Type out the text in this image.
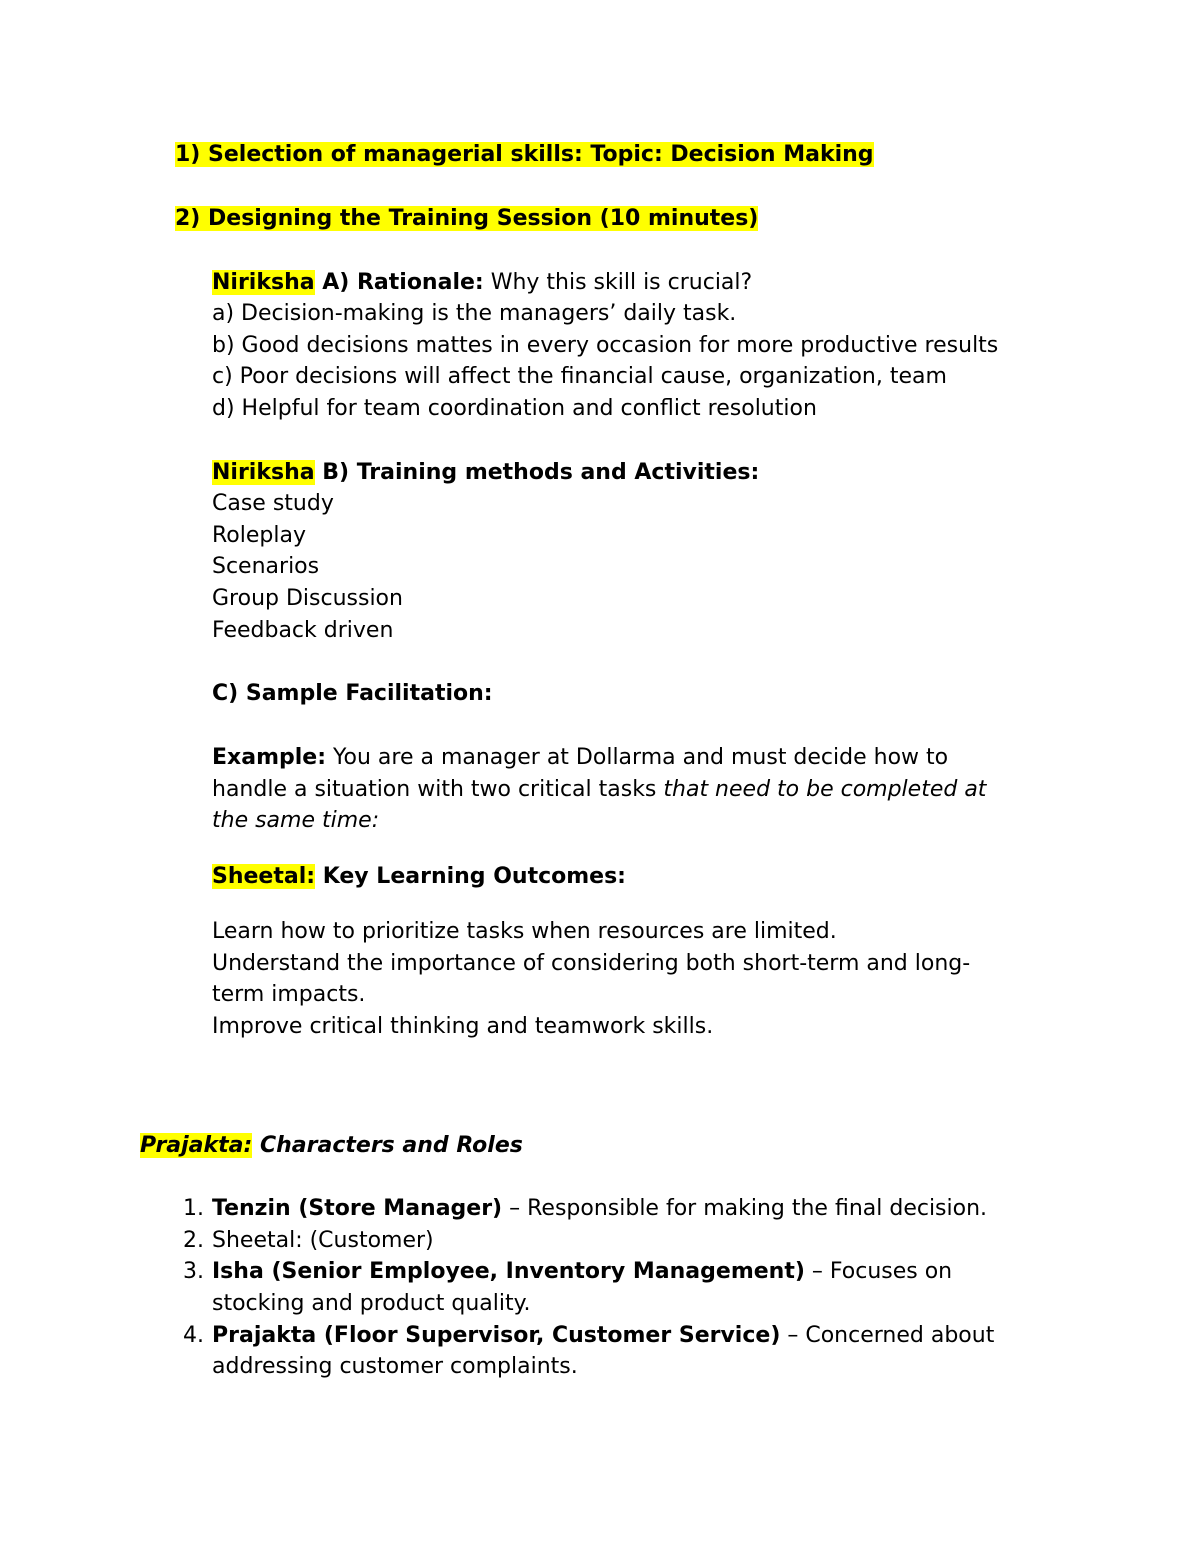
1) Selection of managerial skills: Topic: Decision Making
2) Designing the Training Session (10 minutes)
Niriksha A) Rationale: Why this skill is crucial?
a) Decision-making is the managers’ daily task.
b) Good decisions mattes in every occasion for more productive results
c) Poor decisions will affect the financial cause, organization, team
d) Helpful for team coordination and conflict resolution
Niriksha B) Training methods and Activities:
Case study
Roleplay
Scenarios
Group Discussion
Feedback driven
C) Sample Facilitation:
Example: You are a manager at Dollarma and must decide how to
handle a situation with two critical tasks that need to be completed at
the same time:
Sheetal: Key Learning Outcomes:
Learn how to prioritize tasks when resources are limited.
Understand the importance of considering both short-term and long-
term impacts.
Improve critical thinking and teamwork skills.
Prajakta: Characters and Roles
1. Tenzin (Store Manager) – Responsible for making the final decision.
2. Sheetal: (Customer)
3. Isha (Senior Employee, Inventory Management) – Focuses on
stocking and product quality.
4. Prajakta (Floor Supervisor, Customer Service) – Concerned about
addressing customer complaints.
